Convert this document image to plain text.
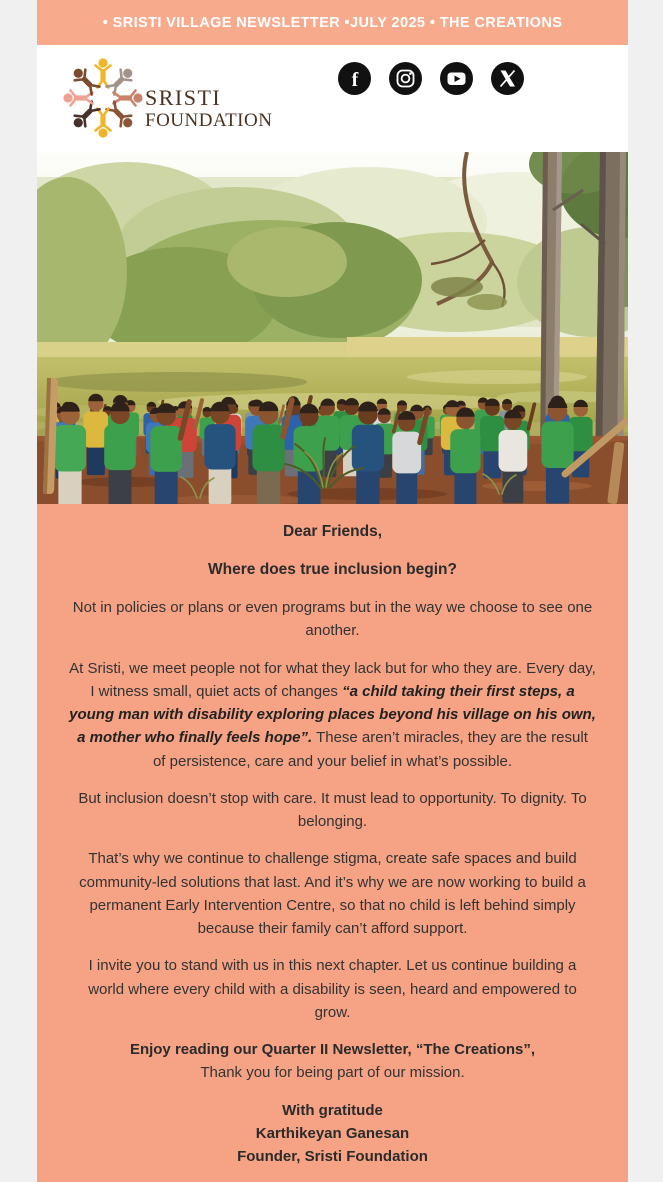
• SRISTI VILLAGE NEWSLETTER •JULY 2025 • THE CREATIONS
SRISTI
FOUNDATION
f

Dear Friends,

Where does true inclusion begin?

Not in policies or plans or even programs but in the way we choose to see one another.

At Sristi, we meet people not for what they lack but for who they are. Every day, I witness small, quiet acts of changes “a child taking their first steps, a young man with disability exploring places beyond his village on his own, a mother who finally feels hope”. These aren’t miracles, they are the result of persistence, care and your belief in what’s possible.

But inclusion doesn’t stop with care. It must lead to opportunity. To dignity. To belonging.

That’s why we continue to challenge stigma, create safe spaces and build community-led solutions that last. And it’s why we are now working to build a permanent Early Intervention Centre, so that no child is left behind simply because their family can’t afford support.

I invite you to stand with us in this next chapter. Let us continue building a world where every child with a disability is seen, heard and empowered to grow.

Enjoy reading our Quarter II Newsletter, “The Creations”,
Thank you for being part of our mission.

With gratitude
Karthikeyan Ganesan
Founder, Sristi Foundation
